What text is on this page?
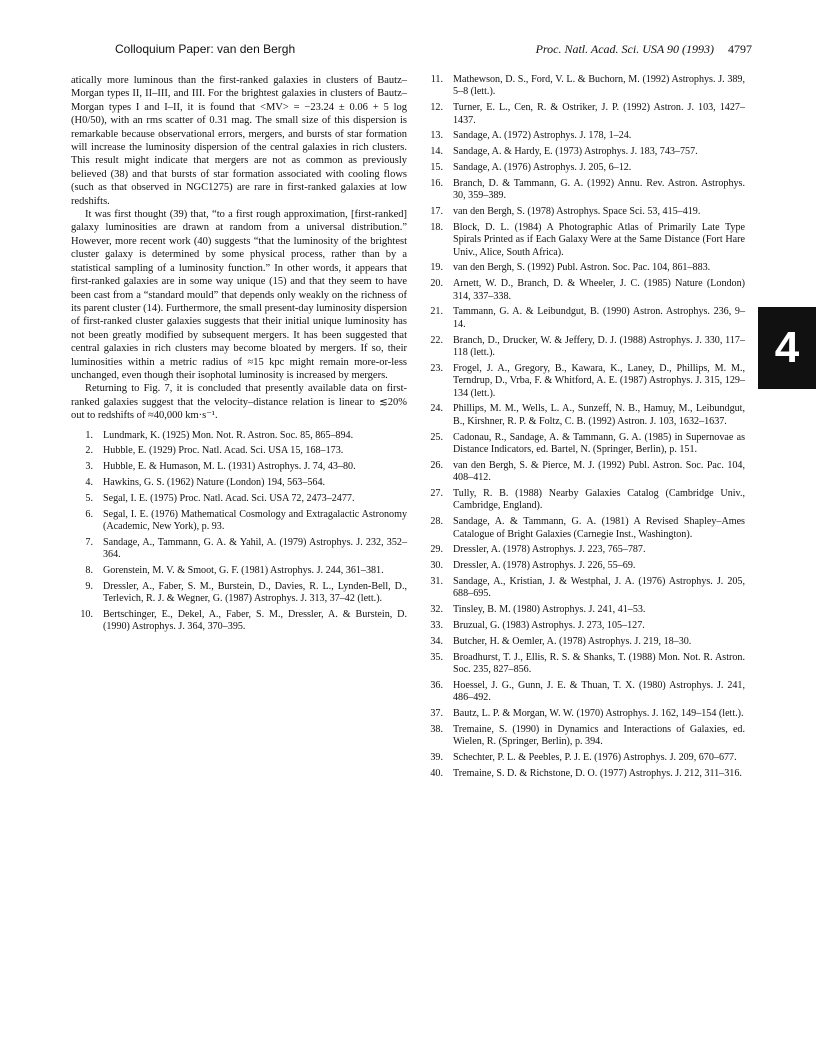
Colloquium Paper: van den Bergh	Proc. Natl. Acad. Sci. USA 90 (1993) 4797

atically more luminous than the first-ranked galaxies in clusters of Bautz–Morgan types II, II–III, and III. For the brightest galaxies in clusters of Bautz–Morgan types I and I–II, it is found that <MV> = −23.24 ± 0.06 + 5 log (H0/50), with an rms scatter of 0.31 mag. The small size of this dispersion is remarkable because observational errors, mergers, and bursts of star formation will increase the luminosity dispersion of the central galaxies in rich clusters. This result might indicate that mergers are not as common as previously believed (38) and that bursts of star formation associated with cooling flows (such as that observed in NGC1275) are rare in first-ranked galaxies at low redshifts.

It was first thought (39) that, “to a first rough approximation, [first-ranked] galaxy luminosities are drawn at random from a universal distribution.” However, more recent work (40) suggests “that the luminosity of the brightest cluster galaxy is determined by some physical process, rather than by a statistical sampling of a luminosity function.” In other words, it appears that first-ranked galaxies are in some way unique (15) and that they seem to have been cast from a “standard mould” that depends only weakly on the richness of its parent cluster (14). Furthermore, the small present-day luminosity dispersion of first-ranked cluster galaxies suggests that their initial unique luminosity has not been greatly modified by subsequent mergers. It has been suggested that central galaxies in rich clusters may become bloated by mergers. If so, their luminosities within a metric radius of ≈15 kpc might remain more-or-less unchanged, even though their isophotal luminosity is increased by mergers.

Returning to Fig. 7, it is concluded that presently available data on first-ranked galaxies suggest that the velocity–distance relation is linear to ≲20% out to redshifts of ≈40,000 km·s⁻¹.

1. Lundmark, K. (1925) Mon. Not. R. Astron. Soc. 85, 865–894.
2. Hubble, E. (1929) Proc. Natl. Acad. Sci. USA 15, 168–173.
3. Hubble, E. & Humason, M. L. (1931) Astrophys. J. 74, 43–80.
4. Hawkins, G. S. (1962) Nature (London) 194, 563–564.
5. Segal, I. E. (1975) Proc. Natl. Acad. Sci. USA 72, 2473–2477.
6. Segal, I. E. (1976) Mathematical Cosmology and Extragalactic Astronomy (Academic, New York), p. 93.
7. Sandage, A., Tammann, G. A. & Yahil, A. (1979) Astrophys. J. 232, 352–364.
8. Gorenstein, M. V. & Smoot, G. F. (1981) Astrophys. J. 244, 361–381.
9. Dressler, A., Faber, S. M., Burstein, D., Davies, R. L., Lynden-Bell, D., Terlevich, R. J. & Wegner, G. (1987) Astrophys. J. 313, 37–42 (lett.).
10. Bertschinger, E., Dekel, A., Faber, S. M., Dressler, A. & Burstein, D. (1990) Astrophys. J. 364, 370–395.
11. Mathewson, D. S., Ford, V. L. & Buchorn, M. (1992) Astrophys. J. 389, 5–8 (lett.).
12. Turner, E. L., Cen, R. & Ostriker, J. P. (1992) Astron. J. 103, 1427–1437.
13. Sandage, A. (1972) Astrophys. J. 178, 1–24.
14. Sandage, A. & Hardy, E. (1973) Astrophys. J. 183, 743–757.
15. Sandage, A. (1976) Astrophys. J. 205, 6–12.
16. Branch, D. & Tammann, G. A. (1992) Annu. Rev. Astron. Astrophys. 30, 359–389.
17. van den Bergh, S. (1978) Astrophys. Space Sci. 53, 415–419.
18. Block, D. L. (1984) A Photographic Atlas of Primarily Late Type Spirals Printed as if Each Galaxy Were at the Same Distance (Fort Hare Univ., Alice, South Africa).
19. van den Bergh, S. (1992) Publ. Astron. Soc. Pac. 104, 861–883.
20. Arnett, W. D., Branch, D. & Wheeler, J. C. (1985) Nature (London) 314, 337–338.
21. Tammann, G. A. & Leibundgut, B. (1990) Astron. Astrophys. 236, 9–14.
22. Branch, D., Drucker, W. & Jeffery, D. J. (1988) Astrophys. J. 330, 117–118 (lett.).
23. Frogel, J. A., Gregory, B., Kawara, K., Laney, D., Phillips, M. M., Terndrup, D., Vrba, F. & Whitford, A. E. (1987) Astrophys. J. 315, 129–134 (lett.).
24. Phillips, M. M., Wells, L. A., Sunzeff, N. B., Hamuy, M., Leibundgut, B., Kirshner, R. P. & Foltz, C. B. (1992) Astron. J. 103, 1632–1637.
25. Cadonau, R., Sandage, A. & Tammann, G. A. (1985) in Supernovae as Distance Indicators, ed. Bartel, N. (Springer, Berlin), p. 151.
26. van den Bergh, S. & Pierce, M. J. (1992) Publ. Astron. Soc. Pac. 104, 408–412.
27. Tully, R. B. (1988) Nearby Galaxies Catalog (Cambridge Univ., Cambridge, England).
28. Sandage, A. & Tammann, G. A. (1981) A Revised Shapley–Ames Catalogue of Bright Galaxies (Carnegie Inst., Washington).
29. Dressler, A. (1978) Astrophys. J. 223, 765–787.
30. Dressler, A. (1978) Astrophys. J. 226, 55–69.
31. Sandage, A., Kristian, J. & Westphal, J. A. (1976) Astrophys. J. 205, 688–695.
32. Tinsley, B. M. (1980) Astrophys. J. 241, 41–53.
33. Bruzual, G. (1983) Astrophys. J. 273, 105–127.
34. Butcher, H. & Oemler, A. (1978) Astrophys. J. 219, 18–30.
35. Broadhurst, T. J., Ellis, R. S. & Shanks, T. (1988) Mon. Not. R. Astron. Soc. 235, 827–856.
36. Hoessel, J. G., Gunn, J. E. & Thuan, T. X. (1980) Astrophys. J. 241, 486–492.
37. Bautz, L. P. & Morgan, W. W. (1970) Astrophys. J. 162, 149–154 (lett.).
38. Tremaine, S. (1990) in Dynamics and Interactions of Galaxies, ed. Wielen, R. (Springer, Berlin), p. 394.
39. Schechter, P. L. & Peebles, P. J. E. (1976) Astrophys. J. 209, 670–677.
40. Tremaine, S. D. & Richstone, D. O. (1977) Astrophys. J. 212, 311–316.
4
